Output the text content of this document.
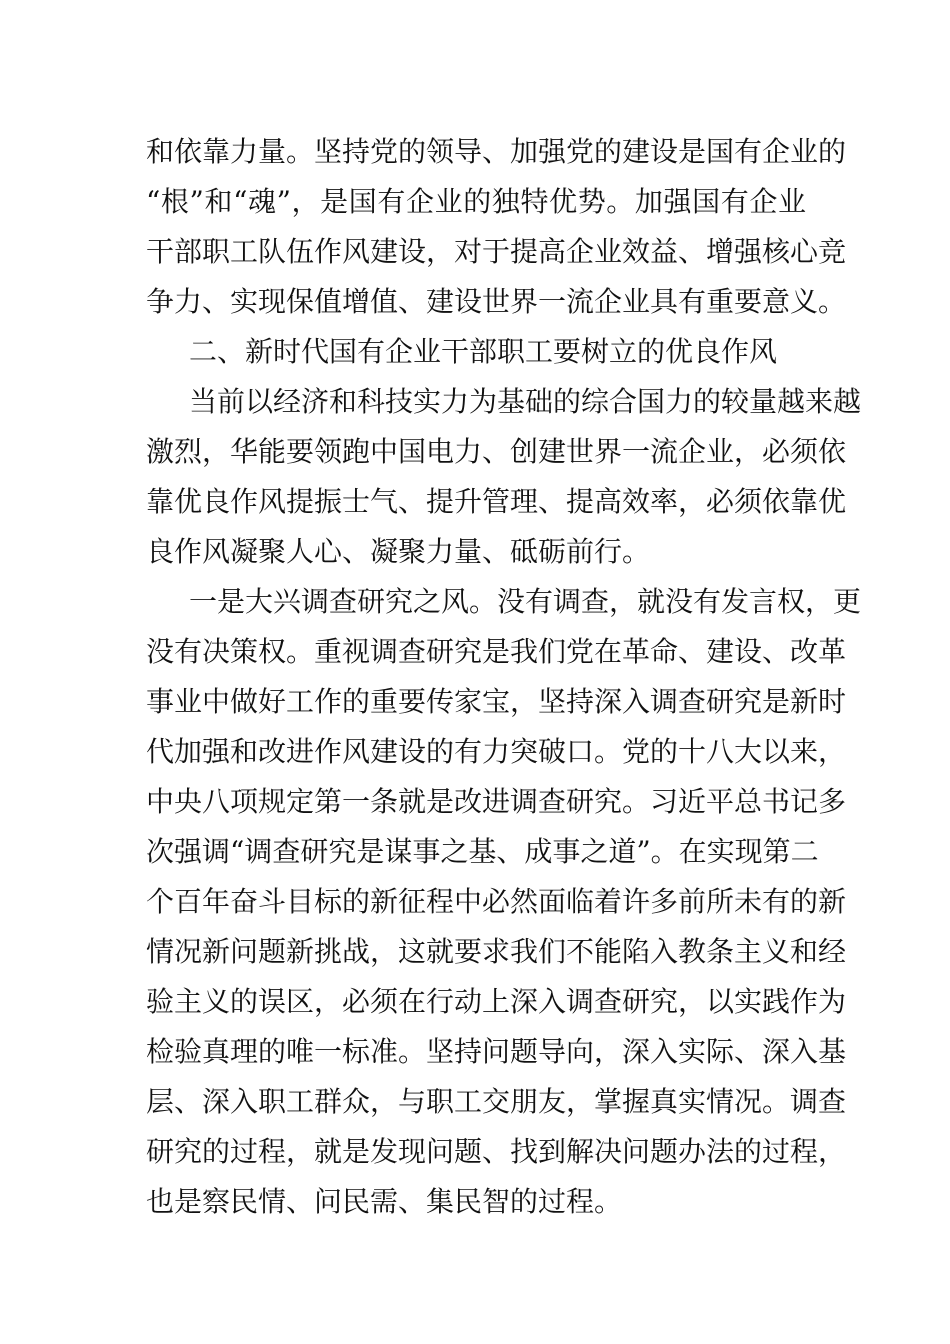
和依靠力量。坚持党的领导、加强党的建设是国有企业的
“根”和“魂”，是国有企业的独特优势。加强国有企业
干部职工队伍作风建设，对于提高企业效益、增强核心竞
争力、实现保值增值、建设世界一流企业具有重要意义。
二、新时代国有企业干部职工要树立的优良作风
当前以经济和科技实力为基础的综合国力的较量越来越
激烈，华能要领跑中国电力、创建世界一流企业，必须依
靠优良作风提振士气、提升管理、提高效率，必须依靠优
良作风凝聚人心、凝聚力量、砥砺前行。
一是大兴调查研究之风。没有调查，就没有发言权，更
没有决策权。重视调查研究是我们党在革命、建设、改革
事业中做好工作的重要传家宝，坚持深入调查研究是新时
代加强和改进作风建设的有力突破口。党的十八大以来，
中央八项规定第一条就是改进调查研究。习近平总书记多
次强调“调查研究是谋事之基、成事之道”。在实现第二
个百年奋斗目标的新征程中必然面临着许多前所未有的新
情况新问题新挑战，这就要求我们不能陷入教条主义和经
验主义的误区，必须在行动上深入调查研究，以实践作为
检验真理的唯一标准。坚持问题导向，深入实际、深入基
层、深入职工群众，与职工交朋友，掌握真实情况。调查
研究的过程，就是发现问题、找到解决问题办法的过程，
也是察民情、问民需、集民智的过程。
